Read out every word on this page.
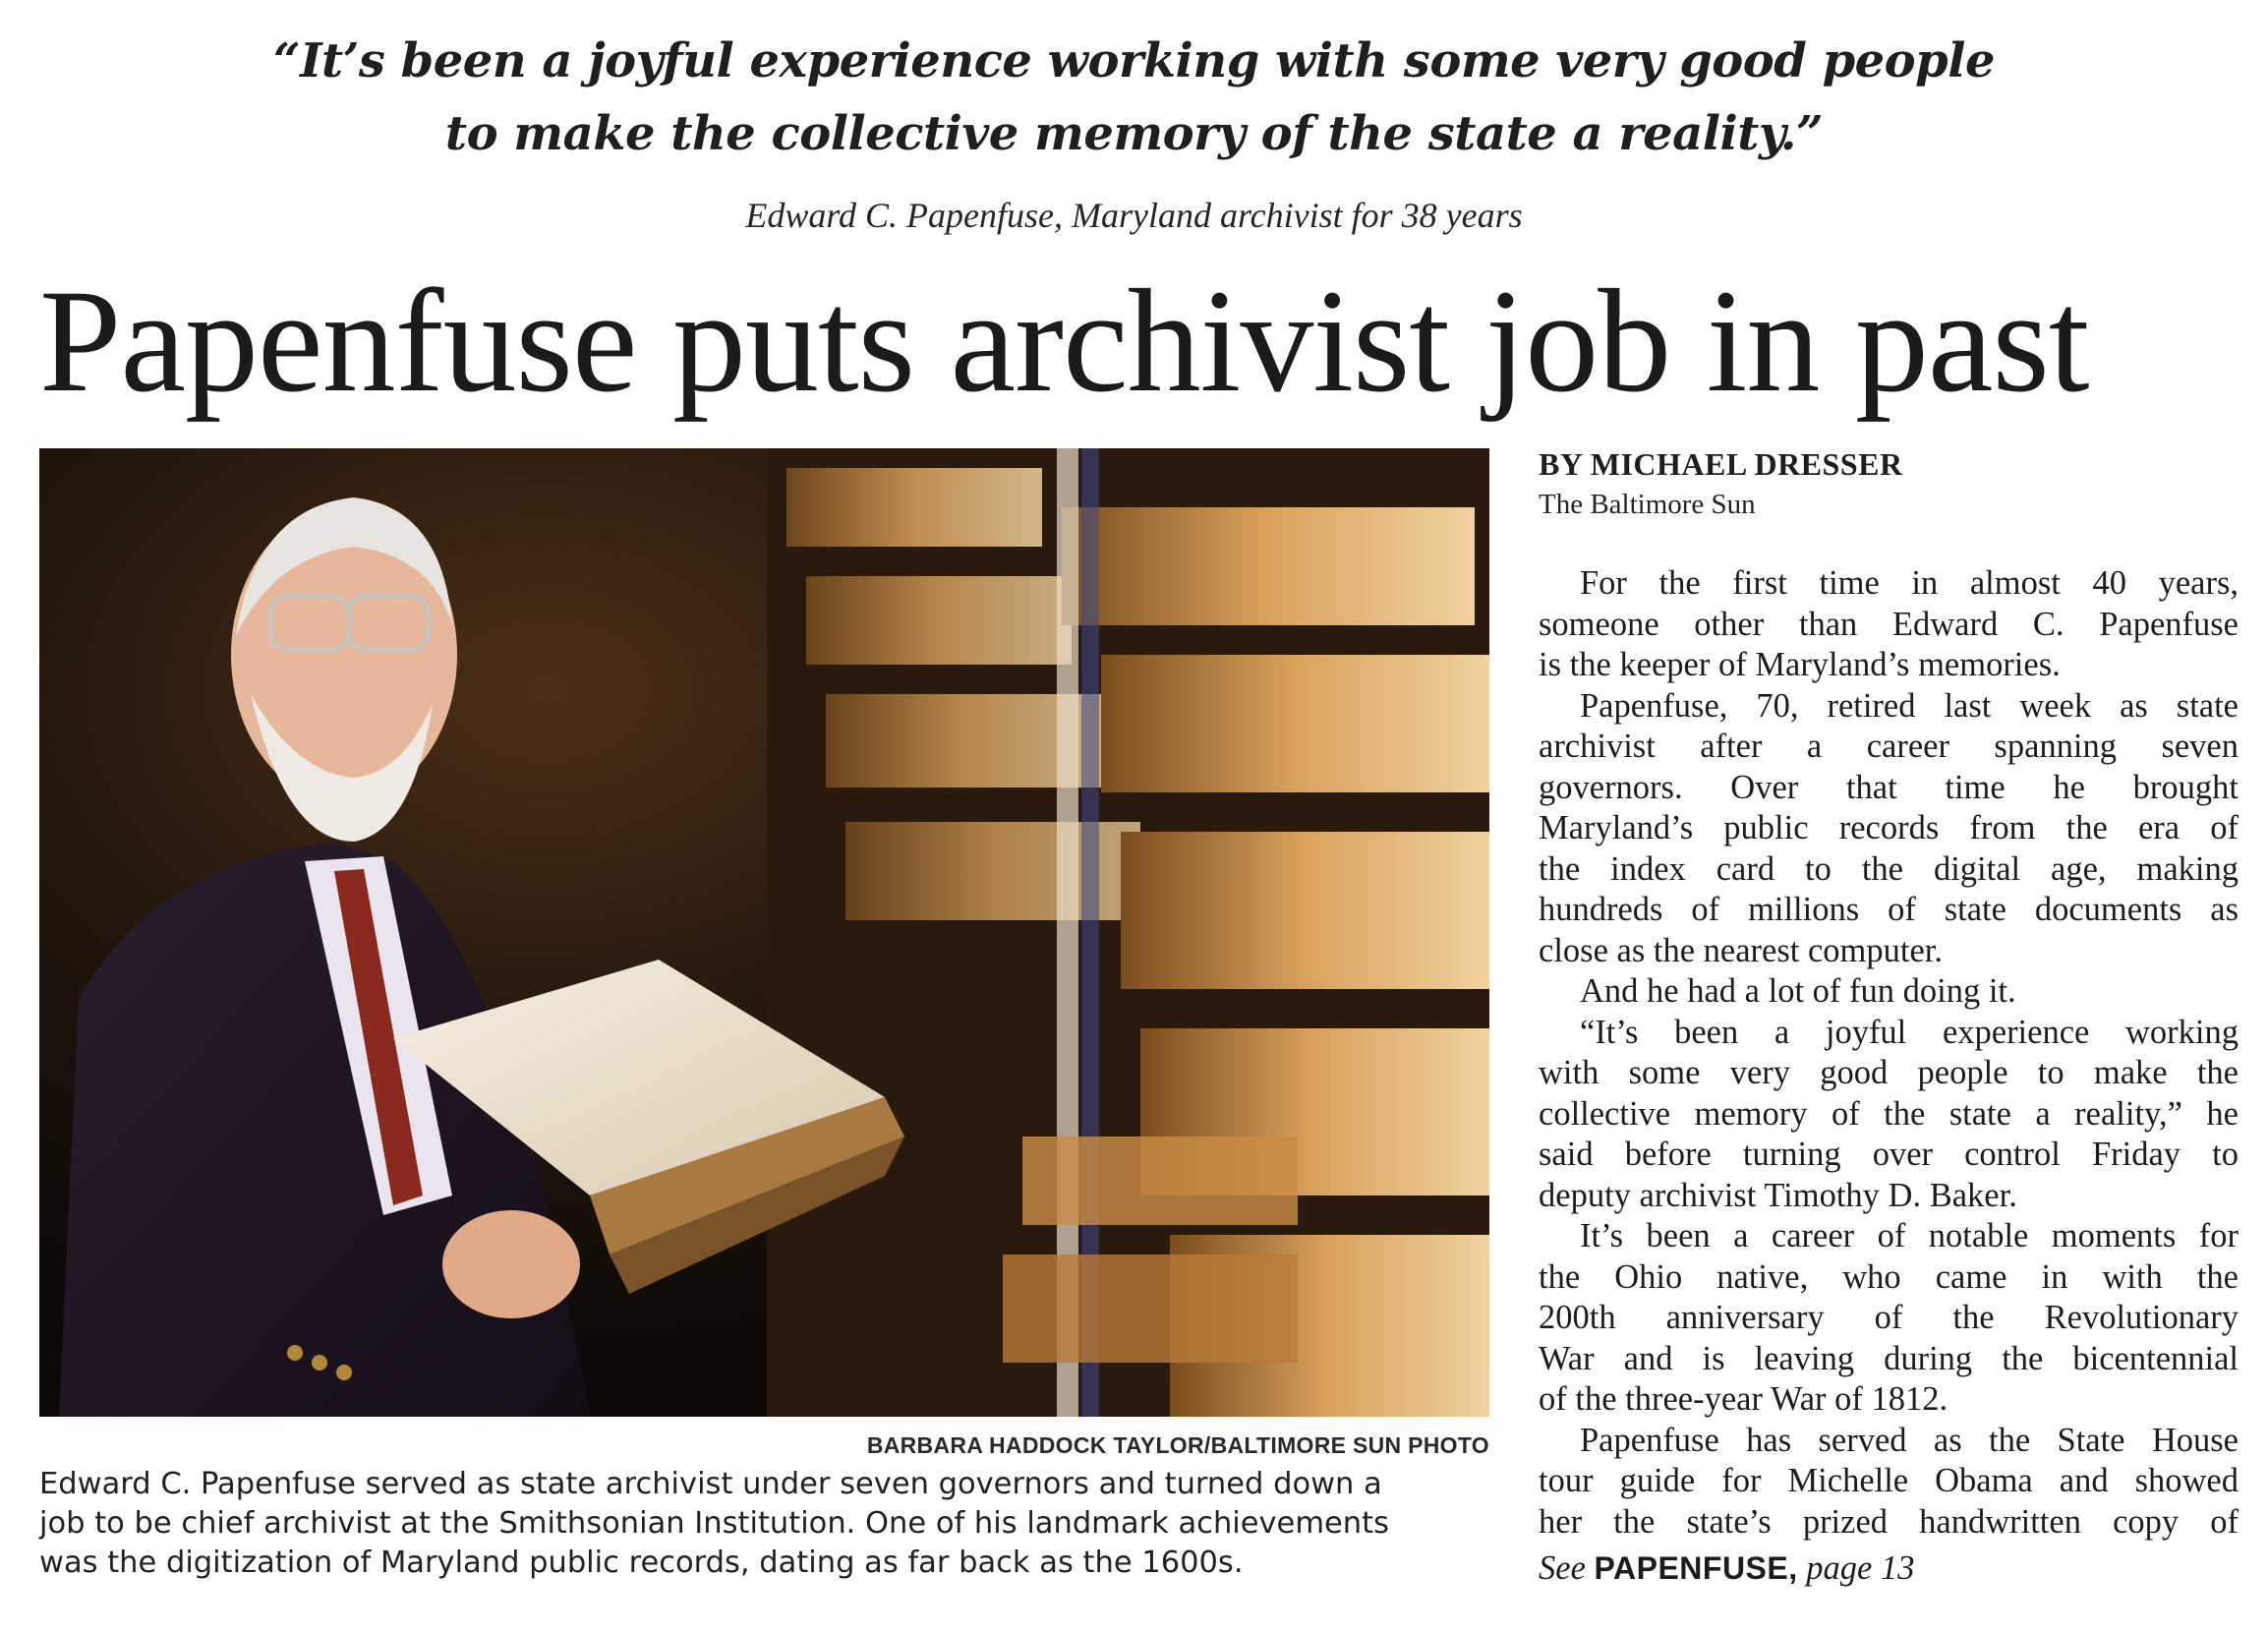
“It’s been a joyful experience working with some very good people
to make the collective memory of the state a reality.”
Edward C. Papenfuse, Maryland archivist for 38 years
Papenfuse puts archivist job in past
BARBARA HADDOCK TAYLOR/BALTIMORE SUN PHOTO
Edward C. Papenfuse served as state archivist under seven governors and turned down a
job to be chief archivist at the Smithsonian Institution. One of his landmark achievements
was the digitization of Maryland public records, dating as far back as the 1600s.
BY MICHAEL DRESSER
The Baltimore Sun
For the first time in almost 40 years,
someone other than Edward C. Papenfuse
is the keeper of Maryland’s memories.
Papenfuse, 70, retired last week as state
archivist after a career spanning seven
governors. Over that time he brought
Maryland’s public records from the era of
the index card to the digital age, making
hundreds of millions of state documents as
close as the nearest computer.
And he had a lot of fun doing it.
“It’s been a joyful experience working
with some very good people to make the
collective memory of the state a reality,” he
said before turning over control Friday to
deputy archivist Timothy D. Baker.
It’s been a career of notable moments for
the Ohio native, who came in with the
200th anniversary of the Revolutionary
War and is leaving during the bicentennial
of the three-year War of 1812.
Papenfuse has served as the State House
tour guide for Michelle Obama and showed
her the state’s prized handwritten copy of
See PAPENFUSE, page 13
